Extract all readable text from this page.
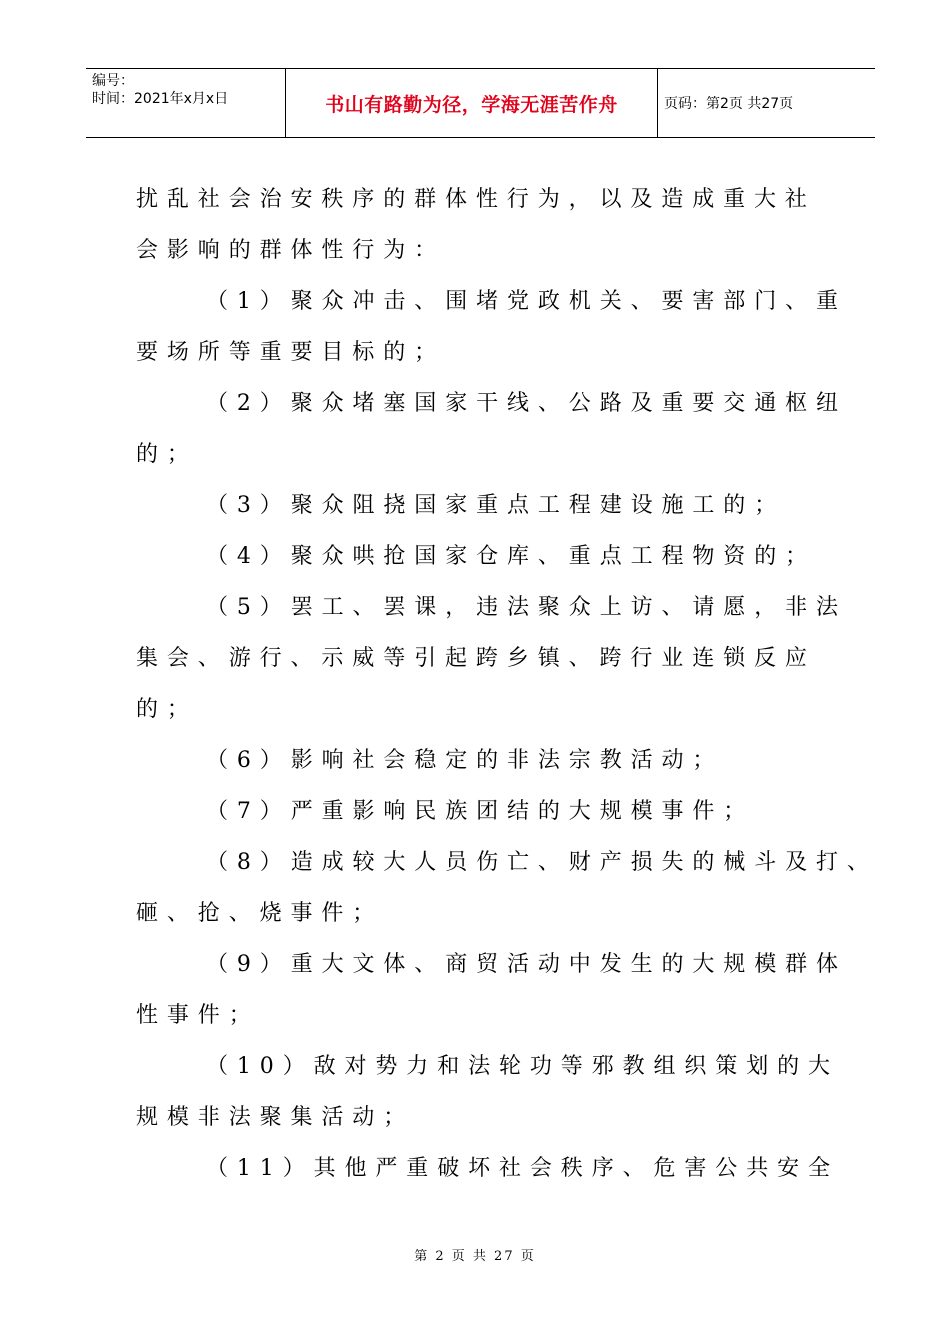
编号：
时间：2021年x月x日	书山有路勤为径，学海无涯苦作舟	页码：第2页 共27页

扰乱社会治安秩序的群体性行为，以及造成重大社

会影响的群体性行为：

（1）聚众冲击、围堵党政机关、要害部门、重

要场所等重要目标的；

（2）聚众堵塞国家干线、公路及重要交通枢纽

的；

（3）聚众阻挠国家重点工程建设施工的；

（4）聚众哄抢国家仓库、重点工程物资的；

（5）罢工、罢课，违法聚众上访、请愿，非法

集会、游行、示威等引起跨乡镇、跨行业连锁反应

的；

（6）影响社会稳定的非法宗教活动；

（7）严重影响民族团结的大规模事件；

（8）造成较大人员伤亡、财产损失的械斗及打、

砸、抢、烧事件；

（9）重大文体、商贸活动中发生的大规模群体

性事件；

（10）敌对势力和法轮功等邪教组织策划的大

规模非法聚集活动；

（11）其他严重破坏社会秩序、危害公共安全

第 2 页 共 27 页
